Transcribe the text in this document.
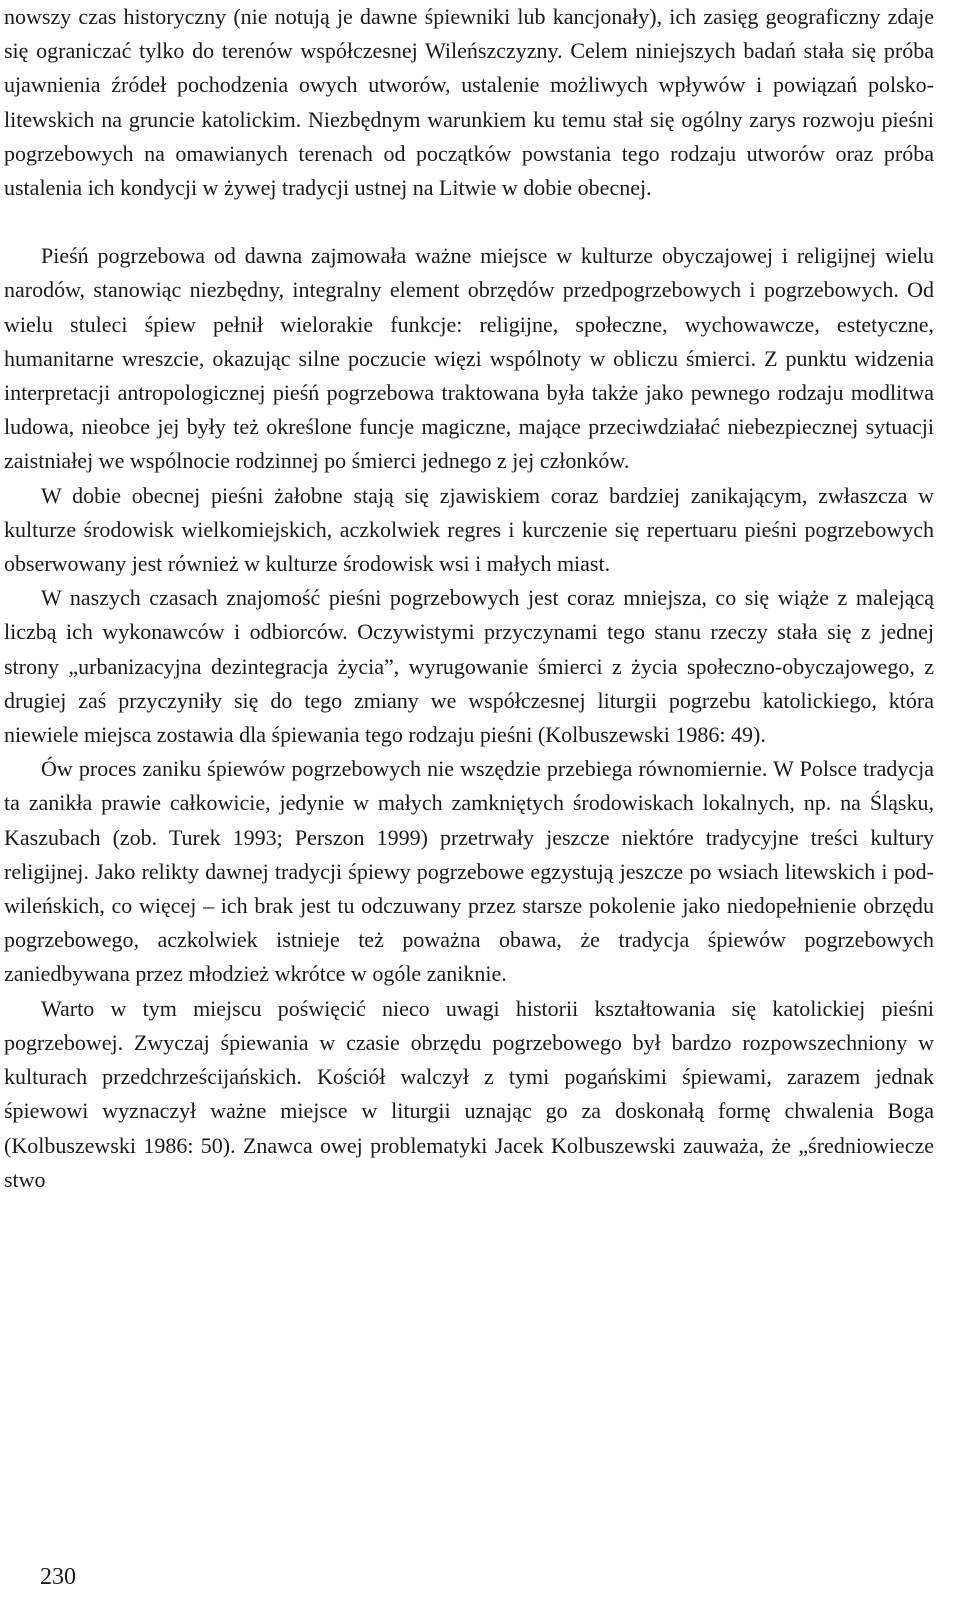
nowszy czas historyczny (nie notują je dawne śpiewniki lub kancjonały), ich zasięg geograficzny zdaje się ograniczać tylko do terenów współczesnej Wileńszczyzny. Celem niniejszych badań stała się próba ujawnienia źródeł pochodzenia owych utworów, ustalenie możliwych wpływów i powiązań polsko-litewskich na gruncie katolickim. Niezbędnym warunkiem ku temu stał się ogólny zarys rozwoju pieśni pogrzebowych na omawianych terenach od początków powstania tego rodzaju utworów oraz próba ustalenia ich kondycji w żywej tradycji ustnej na Litwie w dobie obecnej.

Pieśń pogrzebowa od dawna zajmowała ważne miejsce w kulturze obyczajowej i religijnej wielu narodów, stanowiąc niezbędny, integralny element obrzędów przedpogrzebowych i pogrzebowych. Od wielu stuleci śpiew pełnił wielorakie funkcje: religijne, społeczne, wychowawcze, estetyczne, humanitarne wreszcie, okazując silne poczucie więzi wspólnoty w obliczu śmierci. Z punktu widzenia interpretacji antropologicznej pieśń pogrzebowa traktowana była także jako pewnego rodzaju modlitwa ludowa, nieobce jej były też określone funcje magiczne, mające przeciwdziałać niebezpiecznej sytuacji zaistniałej we wspólnocie rodzinnej po śmierci jednego z jej członków.

W dobie obecnej pieśni żałobne stają się zjawiskiem coraz bardziej zanikającym, zwłaszcza w kulturze środowisk wielkomiejskich, aczkolwiek regres i kurczenie się repertuaru pieśni pogrzebowych obserwowany jest również w kulturze środowisk wsi i małych miast.

W naszych czasach znajomość pieśni pogrzebowych jest coraz mniejsza, co się wiąże z malejącą liczbą ich wykonawców i odbiorców. Oczywistymi przyczynami tego stanu rzeczy stała się z jednej strony „urbanizacyjna dezintegracja życia”, wyrugowanie śmierci z życia społeczno-obyczajowego, z drugiej zaś przyczyniły się do tego zmiany we współczesnej liturgii pogrzebu katolickiego, która niewiele miejsca zostawia dla śpiewania tego rodzaju pieśni (Kolbuszewski 1986: 49).

Ów proces zaniku śpiewów pogrzebowych nie wszędzie przebiega równomiernie. W Polsce tradycja ta zanikła prawie całkowicie, jedynie w małych zamkniętych środowiskach lokalnych, np. na Śląsku, Kaszubach (zob. Turek 1993; Perszon 1999) przetrwały jeszcze niektóre tradycyjne treści kultury religijnej. Jako relikty dawnej tradycji śpiewy pogrzebowe egzystują jeszcze po wsiach litewskich i podwileńskich, co więcej – ich brak jest tu odczuwany przez starsze pokolenie jako niedopełnienie obrzędu pogrzebowego, aczkolwiek istnieje też poważna obawa, że tradycja śpiewów pogrzebowych zaniedbywana przez młodzież wkrótce w ogóle zaniknie.

Warto w tym miejscu poświęcić nieco uwagi historii kształtowania się katolickiej pieśni pogrzebowej. Zwyczaj śpiewania w czasie obrzędu pogrzebowego był bardzo rozpowszechniony w kulturach przedchrześcijańskich. Kościół walczył z tymi pogańskimi śpiewami, zarazem jednak śpiewowi wyznaczył ważne miejsce w liturgii uznając go za doskonałą formę chwalenia Boga (Kolbuszewski 1986: 50). Znawca owej problematyki Jacek Kolbuszewski zauważa, że „średniowiecze stwo

230
